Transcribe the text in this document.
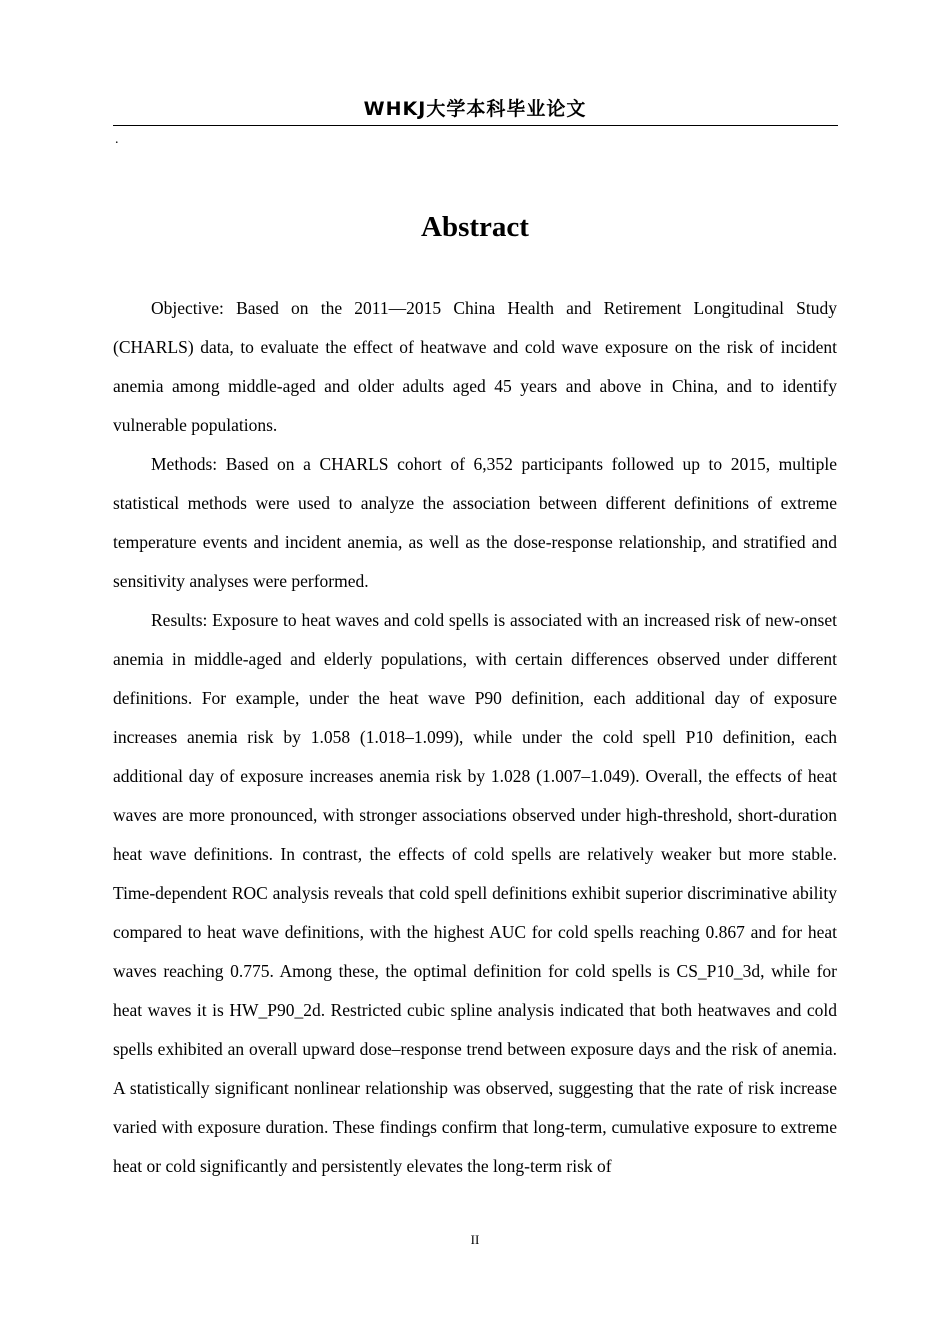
WHKJ大学本科毕业论文
.
Abstract

Objective: Based on the 2011—2015 China Health and Retirement Longitudinal Study (CHARLS) data, to evaluate the effect of heatwave and cold wave exposure on the risk of incident anemia among middle-aged and older adults aged 45 years and above in China, and to identify vulnerable populations.

Methods: Based on a CHARLS cohort of 6,352 participants followed up to 2015, multiple statistical methods were used to analyze the association between different definitions of extreme temperature events and incident anemia, as well as the dose-response relationship, and stratified and sensitivity analyses were performed.

Results: Exposure to heat waves and cold spells is associated with an increased risk of new-onset anemia in middle-aged and elderly populations, with certain differences observed under different definitions. For example, under the heat wave P90 definition, each additional day of exposure increases anemia risk by 1.058 (1.018–1.099), while under the cold spell P10 definition, each additional day of exposure increases anemia risk by 1.028 (1.007–1.049). Overall, the effects of heat waves are more pronounced, with stronger associations observed under high-threshold, short-duration heat wave definitions. In contrast, the effects of cold spells are relatively weaker but more stable. Time-dependent ROC analysis reveals that cold spell definitions exhibit superior discriminative ability compared to heat wave definitions, with the highest AUC for cold spells reaching 0.867 and for heat waves reaching 0.775. Among these, the optimal definition for cold spells is CS_P10_3d, while for heat waves it is HW_P90_2d. Restricted cubic spline analysis indicated that both heatwaves and cold spells exhibited an overall upward dose–response trend between exposure days and the risk of anemia. A statistically significant nonlinear relationship was observed, suggesting that the rate of risk increase varied with exposure duration. These findings confirm that long-term, cumulative exposure to extreme heat or cold significantly and persistently elevates the long-term risk of

II
